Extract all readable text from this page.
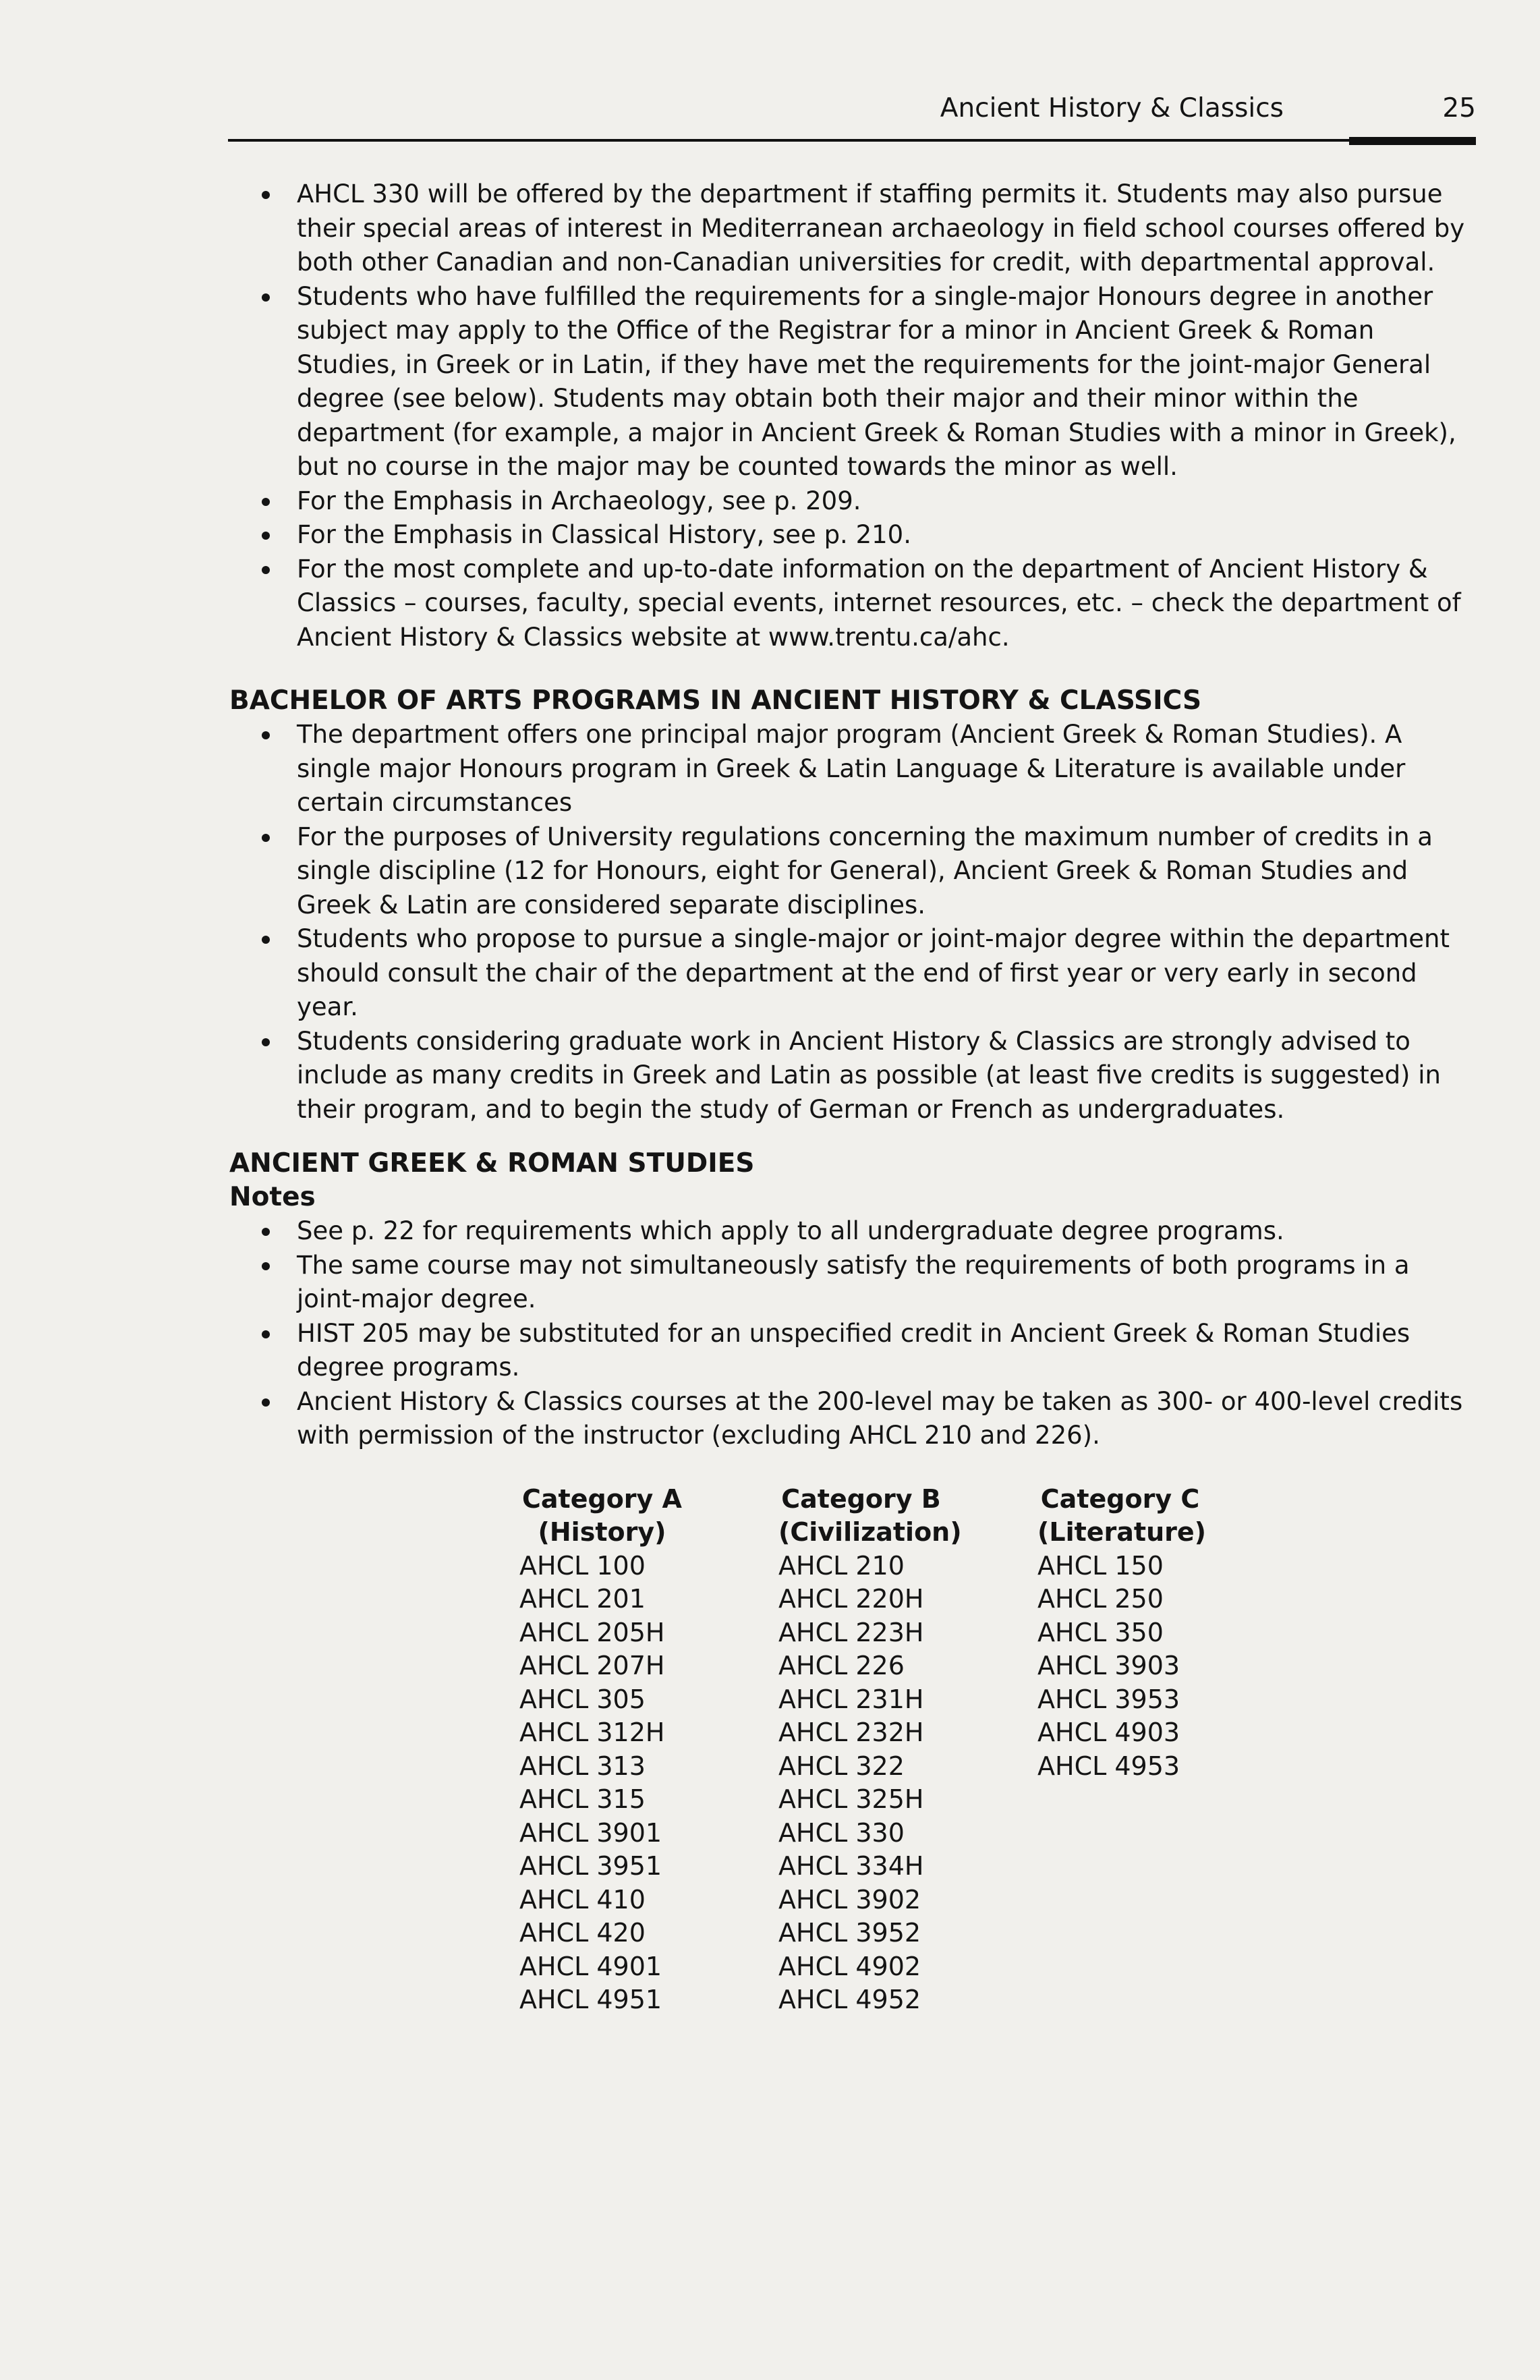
Ancient History & Classics	25
AHCL 330 will be offered by the department if staffing permits it. Students may also pursue their special areas of interest in Mediterranean archaeology in field school courses offered by both other Canadian and non-Canadian universities for credit, with departmental approval.
Students who have fulfilled the requirements for a single-major Honours degree in another subject may apply to the Office of the Registrar for a minor in Ancient Greek & Roman Studies, in Greek or in Latin, if they have met the requirements for the joint-major General degree (see below). Students may obtain both their major and their minor within the department (for example, a major in Ancient Greek & Roman Studies with a minor in Greek), but no course in the major may be counted towards the minor as well.
For the Emphasis in Archaeology, see p. 209.
For the Emphasis in Classical History, see p. 210.
For the most complete and up-to-date information on the department of Ancient History & Classics – courses, faculty, special events, internet resources, etc. – check the department of Ancient History & Classics website at www.trentu.ca/ahc.
BACHELOR OF ARTS PROGRAMS IN ANCIENT HISTORY & CLASSICS
The department offers one principal major program (Ancient Greek & Roman Studies). A single major Honours program in Greek & Latin Language & Literature is available under certain circumstances
For the purposes of University regulations concerning the maximum number of credits in a single discipline (12 for Honours, eight for General), Ancient Greek & Roman Studies and Greek & Latin are considered separate disciplines.
Students who propose to pursue a single-major or joint-major degree within the department should consult the chair of the department at the end of first year or very early in second year.
Students considering graduate work in Ancient History & Classics are strongly advised to include as many credits in Greek and Latin as possible (at least five credits is suggested) in their program, and to begin the study of German or French as undergraduates.
ANCIENT GREEK & ROMAN STUDIES
Notes
See p. 22 for requirements which apply to all undergraduate degree programs.
The same course may not simultaneously satisfy the requirements of both programs in a joint-major degree.
HIST 205 may be substituted for an unspecified credit in Ancient Greek & Roman Studies degree programs.
Ancient History & Classics courses at the 200-level may be taken as 300- or 400-level credits with permission of the instructor (excluding AHCL 210 and 226).
Category A
(History)
AHCL 100
AHCL 201
AHCL 205H
AHCL 207H
AHCL 305
AHCL 312H
AHCL 313
AHCL 315
AHCL 3901
AHCL 3951
AHCL 410
AHCL 420
AHCL 4901
AHCL 4951
Category B
(Civilization)
AHCL 210
AHCL 220H
AHCL 223H
AHCL 226
AHCL 231H
AHCL 232H
AHCL 322
AHCL 325H
AHCL 330
AHCL 334H
AHCL 3902
AHCL 3952
AHCL 4902
AHCL 4952
Category C
(Literature)
AHCL 150
AHCL 250
AHCL 350
AHCL 3903
AHCL 3953
AHCL 4903
AHCL 4953
